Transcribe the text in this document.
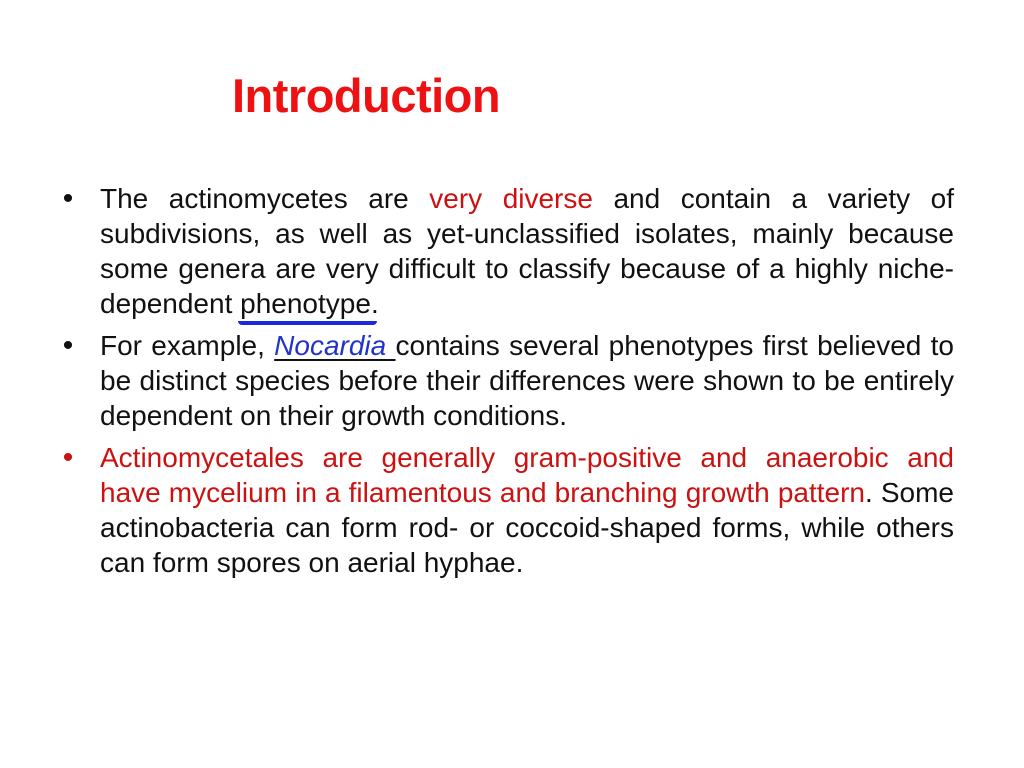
Introduction
• The actinomycetes are very diverse and contain a variety of subdivisions, as well as yet-unclassified isolates, mainly because some genera are very difficult to classify because of a highly niche-dependent phenotype
.
• For example, Nocardia contains several phenotypes first believed to be distinct species before their differences were shown to be entirely dependent on their growth conditions.
• Actinomycetales are generally gram-positive and anaerobic and have mycelium in a filamentous and branching growth pattern. Some actinobacteria can form rod- or coccoid-shaped forms, while others can form spores on aerial hyphae.
